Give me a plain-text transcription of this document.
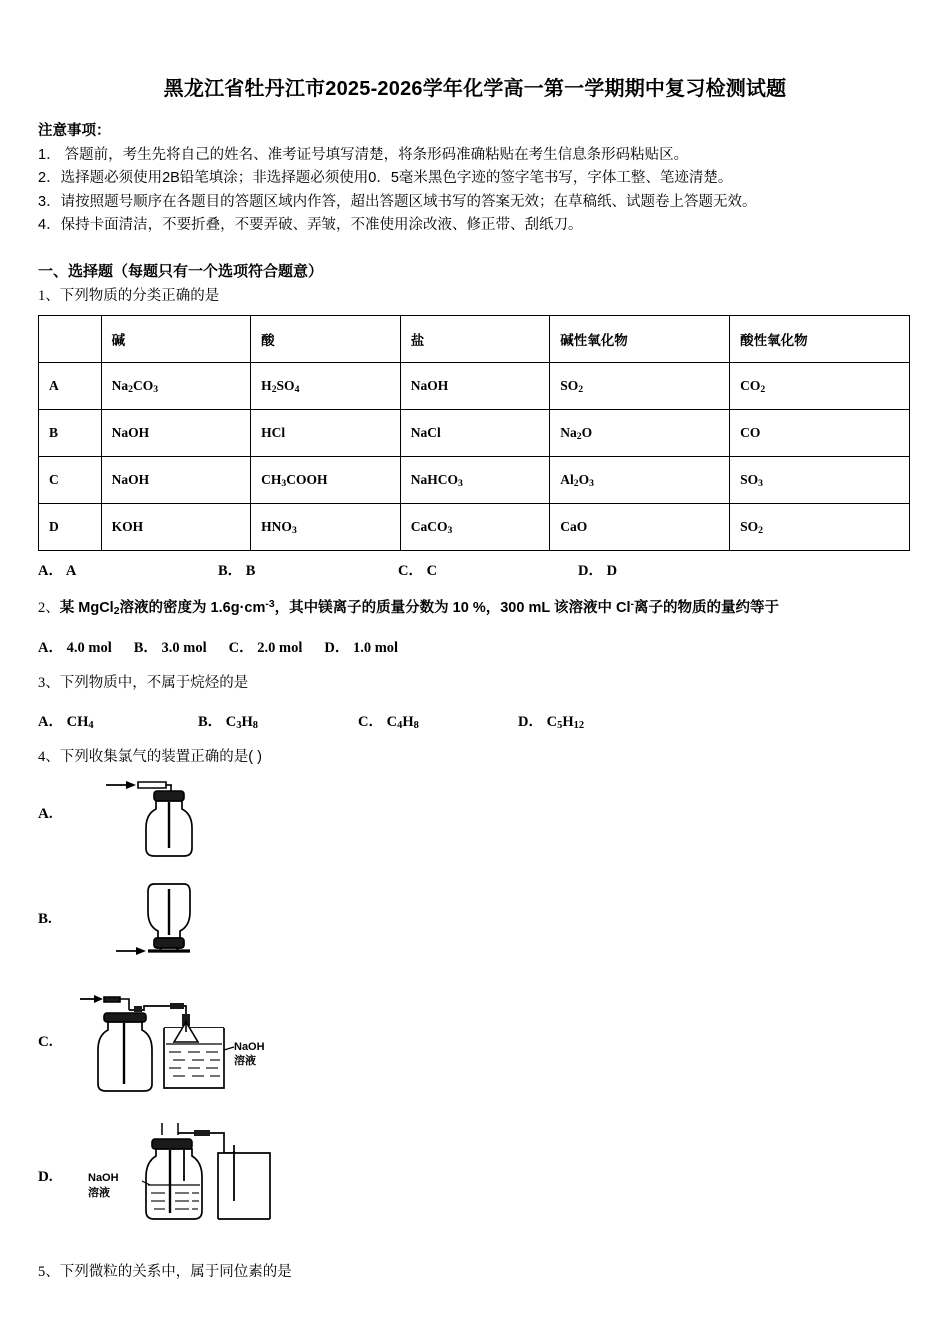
黑龙江省牡丹江市2025-2026学年化学高一第一学期期中复习检测试题
注意事项：
1． 答题前，考生先将自己的姓名、准考证号填写清楚，将条形码准确粘贴在考生信息条形码粘贴区。
2．选择题必须使用2B铅笔填涂；非选择题必须使用0．5毫米黑色字迹的签字笔书写，字体工整、笔迹清楚。
3．请按照题号顺序在各题目的答题区域内作答，超出答题区域书写的答案无效；在草稿纸、试题卷上答题无效。
4．保持卡面清洁，不要折叠，不要弄破、弄皱，不准使用涂改液、修正带、刮纸刀。
一、选择题（每题只有一个选项符合题意）
1、下列物质的分类正确的是
	碱	酸	盐	碱性氧化物	酸性氧化物
A	$Na_2CO_3$	$H_2SO_4$	NaOH	$SO_2$	$CO_2$
B	NaOH	HCl	NaCl	$Na_2O$	CO
C	NaOH	$CH_3COOH$	NaHCO$_3$	$Al_2O_3$	$SO_3$
D	KOH	$HNO_3$	CaCO$_3$	CaO	$SO_2$
A． A	B． B	C． C	D． D
2、某 MgCl$_2$溶液的密度为 $1.6g\cdot cm^{-3}$，其中镁离子的质量分数为 10 %，300 mL 该溶液中 Cl-离子的物质的量约等于
A． 4.0 mol B． 3.0 mol C． 2.0 mol D． 1.0 mol
3、下列物质中，不属于烷烃的是
A． $CH_4$	B． $C_3H_8$	C． $C_4H_8$	D． $C_5H_{12}$
4、下列收集氯气的装置正确的是( )
A.
B.
C.	NaOH
溶液
D.	NaOH
溶液
5、下列微粒的关系中，属于同位素的是
